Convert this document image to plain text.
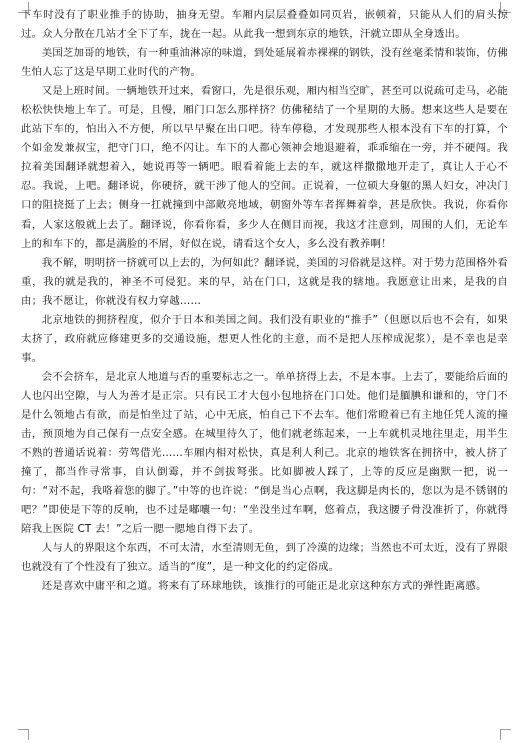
下车时没有了职业推手的协助，抽身无望。车厢内层层叠叠如同页岩，嵌顿着，只能从人们的肩头掠过。众人分散在几站才全下了车，拢在一起。从此我一想到东京的地铁，汗就立即从全身透出。

美国芝加哥的地铁，有一种重油淋凉的味道，到处延展着赤裸裸的钢铁，没有丝毫柔情和装饰，仿佛生怕人忘了这是早期工业时代的产物。

又是上班时间。一辆地铁开过来，看窗口，先是很乐观，厢内相当空旷，甚至可以说疏可走马，必能松松快快地上车了。可是，且慢，厢门口怎么那样挤？仿佛秘结了一个星期的大肠。想来这些人是要在此站下车的，怕出入不方便，所以早早聚在出口吧。待车停稳，才发现那些人根本没有下车的打算，个个如金发兼叔宝，把守门口，绝不闪让。车下的人都心领神会地退避着，乖乖缩在一旁，并不硬闯。我拉着美国翻译就想着入，她说再等一辆吧。眼看着能上去的车，就这样撒撒地开走了，真让人于心不忍。我说，上吧。翻译说，你硬挤，就干涉了他人的空间。正说着，一位硕大身躯的黑人妇女，冲决门口的阻挠挺了上去；侧身一扛就撞到中部敞亮地域，朝窗外等车者挥舞着拳，甚是欣快。我说，你看你看，人家这般就上去了。翻译说，你看你看，多少人在侧目而视，我这才注意到，周围的人们，无论车上的和车下的，都是满脸的不屑，好似在说，请看这个女人，多么没有教养啊！

我不解，明明挤一挤就可以上去的，为何如此？翻译说，美国的习俗就是这样。对于势力范围格外看重，我的就是我的，神圣不可侵犯。来的早，站在门口，这就是我的辖地。我愿意让出来，是我的自由；我不愿让，你就没有权力穿越……

北京地铁的拥挤程度，似介于日本和美国之间。我们没有职业的“推手”（但愿以后也不会有，如果太挤了，政府就应修建更多的交通设施，想更人性化的主意，而不是把人压榨成泥浆），是不幸也是幸事。

会不会挤车，是北京人地道与否的重要标志之一。单单挤得上去，不是本事。上去了，要能给后面的人也闪出空隙，与人为善才是正宗。只有民工才大包小包地挤在门口处。他们是腼腆和谦和的，守门不是什么领地占有欲，而是怕坐过了站，心中无底，怕自己下不去车。他们常瞪着已有主地任凭人流的撞击，预顶地为自己保有一点安全感。在城里待久了，他们就老练起来，一上车就机灵地往里走，用半生不熟的普通话说着：劳驾借光……车厢内相对松快，真是利人利己。北京的地铁客在拥挤中，被人挤了撞了，都当作寻常事，自认倒霉，并不剑拔弩张。比如脚被人踩了，上等的反应是幽默一把，说一句：“对不起，我咯着您的脚了。”中等的也许说：“倒是当心点啊，我这脚是肉长的，您以为是不锈钢的吧？”即使是下等的反响，也不过是嘟囔一句：“坐没坐过车啊，悠着点，我这腰子骨没准折了，你就得陪我上医院 CT 去！”之后一腮一腮地自得下去了。

人与人的界限这个东西，不可太清，水至清则无鱼，到了冷漠的边缘；当然也不可太近，没有了界限也就没有了个性没有了独立。适当的“度”，是一种文化的约定俗成。

还是喜欢中庸平和之道。将来有了环球地铁，该推行的可能正是北京这种东方式的弹性距离感。
